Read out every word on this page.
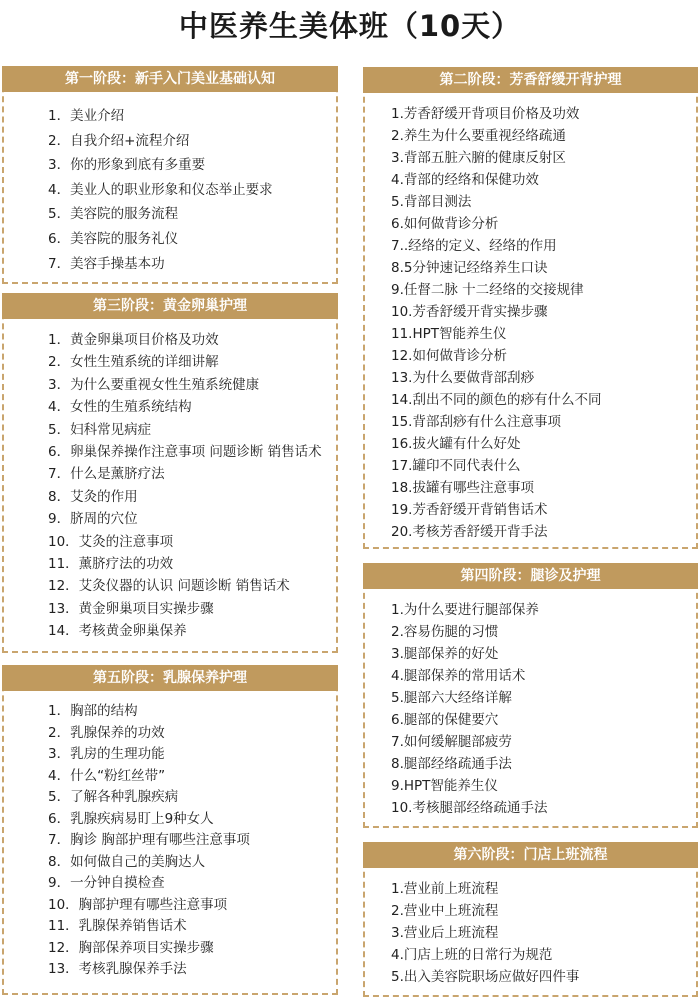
中医养生美体班（10天）
第一阶段：新手入门美业基础认知
1．美业介绍
2．自我介绍+流程介绍
3．你的形象到底有多重要
4．美业人的职业形象和仪态举止要求
5．美容院的服务流程
6．美容院的服务礼仪
7．美容手操基本功
第二阶段：芳香舒缓开背护理
1.芳香舒缓开背项目价格及功效
2.养生为什么要重视经络疏通
3.背部五脏六腑的健康反射区
4.背部的经络和保健功效
5.背部目测法
6.如何做背诊分析
7..经络的定义、经络的作用
8.5分钟速记经络养生口诀
9.任督二脉 十二经络的交接规律
10.芳香舒缓开背实操步骤
11.HPT智能养生仪
12.如何做背诊分析
13.为什么要做背部刮痧
14.刮出不同的颜色的痧有什么不同
15.背部刮痧有什么注意事项
16.拔火罐有什么好处
17.罐印不同代表什么
18.拔罐有哪些注意事项
19.芳香舒缓开背销售话术
20.考核芳香舒缓开背手法
第三阶段：黄金卵巢护理
1．黄金卵巢项目价格及功效
2．女性生殖系统的详细讲解
3．为什么要重视女性生殖系统健康
4．女性的生殖系统结构
5．妇科常见病症
6．卵巢保养操作注意事项 问题诊断 销售话术
7．什么是薰脐疗法
8．艾灸的作用
9．脐周的穴位
10．艾灸的注意事项
11．薰脐疗法的功效
12．艾灸仪器的认识 问题诊断 销售话术
13．黄金卵巢项目实操步骤
14．考核黄金卵巢保养
第四阶段：腿诊及护理
1.为什么要进行腿部保养
2.容易伤腿的习惯
3.腿部保养的好处
4.腿部保养的常用话术
5.腿部六大经络详解
6.腿部的保健要穴
7.如何缓解腿部疲劳
8.腿部经络疏通手法
9.HPT智能养生仪
10.考核腿部经络疏通手法
第五阶段：乳腺保养护理
1．胸部的结构
2．乳腺保养的功效
3．乳房的生理功能
4．什么“粉红丝带”
5．了解各种乳腺疾病
6．乳腺疾病易盯上9种女人
7．胸诊 胸部护理有哪些注意事项
8．如何做自己的美胸达人
9．一分钟自摸检查
10．胸部护理有哪些注意事项
11．乳腺保养销售话术
12．胸部保养项目实操步骤
13．考核乳腺保养手法
第六阶段：门店上班流程
1.营业前上班流程
2.营业中上班流程
3.营业后上班流程
4.门店上班的日常行为规范
5.出入美容院职场应做好四件事
